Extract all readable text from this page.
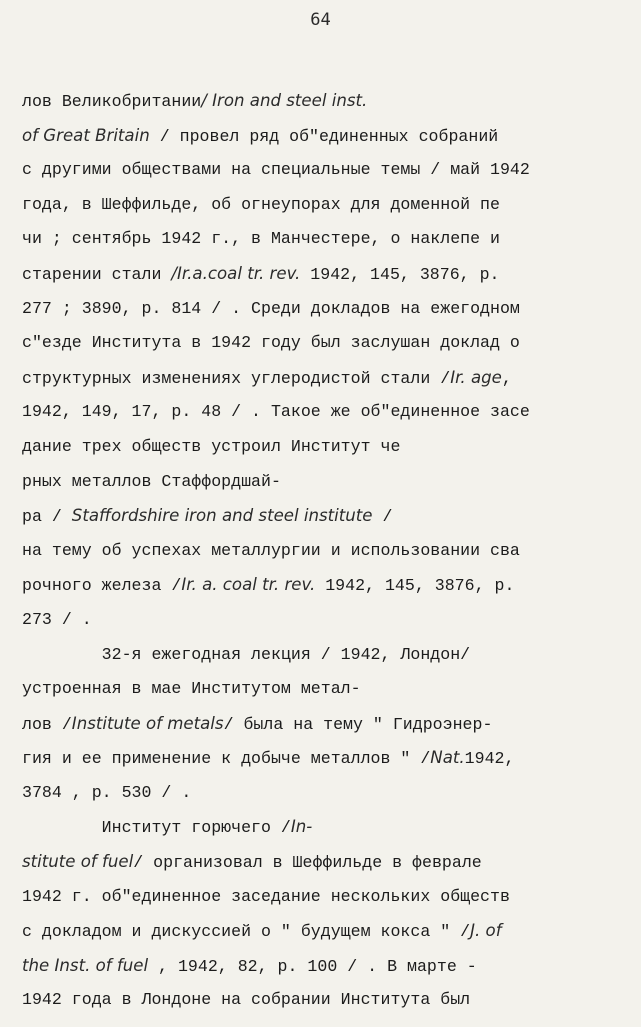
64
лов Великобритании/ Iron and steel inst.
of Great Britain / провел ряд об"единенных собраний
с другими обществами на специальные темы / май 1942
года, в Шеффильде, об огнеупорах для доменной пе
чи ; сентябрь 1942 г., в Манчестере, о наклепе и
старении стали /Ir.a.coal tr. rev. 1942, 145, 3876, р.
277 ; 3890, р. 814 / . Среди докладов на ежегодном
с"езде Института в 1942 году был заслушан доклад о
структурных изменениях углеродистой стали /Ir. age,
1942, 149, 17, р. 48 / . Такое же об"единенное засе
дание трех обществ устроил Институт че
рных металлов Стаффордшай-
ра / Staffordshire iron and steel institute /
на тему об успехах металлургии и использовании сва
рочного железа /Ir. a. coal tr. rev. 1942, 145, 3876, р.
273 / .
32-я ежегодная лекция / 1942, Лондон/
устроенная в мае Институтом метал-
лов /Institute of metals/ была на тему " Гидроэнер-
гия и ее применение к добыче металлов " /Nat.1942,
3784 , р. 530 / .
Институт горючего /In-
stitute of fuel/ организовал в Шеффильде в феврале
1942 г. об"единенное заседание нескольких обществ
с докладом и дискуссией о " будущем кокса " /J. of
the Inst. of fuel , 1942, 82, р. 100 / . В марте -
1942 года в Лондоне на собрании Института был
